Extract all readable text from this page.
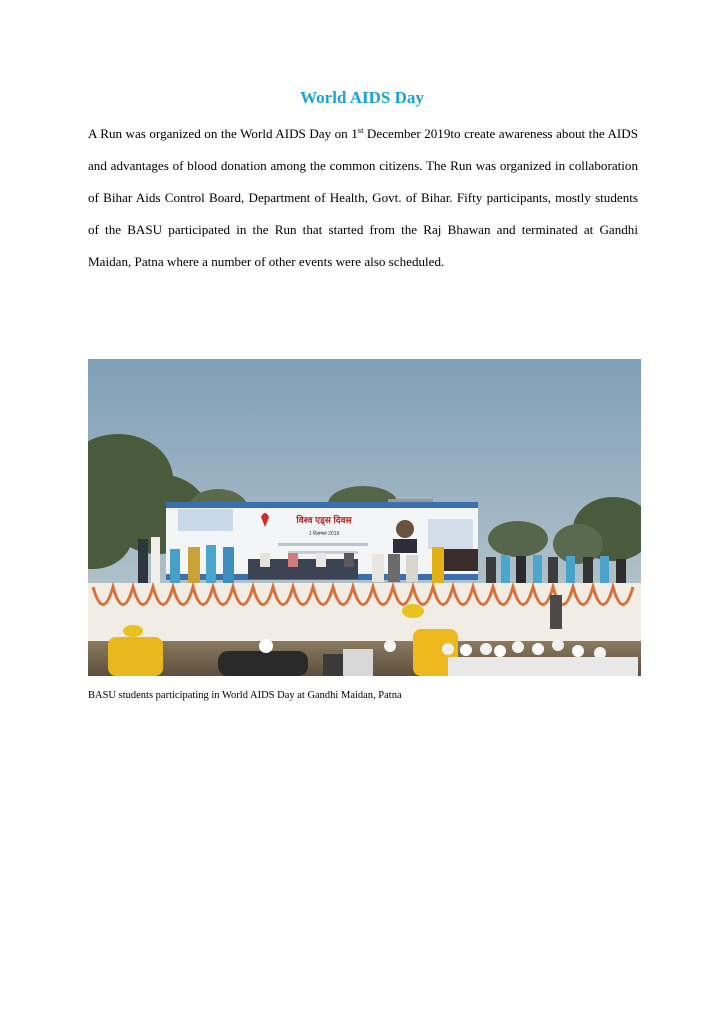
World AIDS Day

A Run was organized on the World AIDS Day on 1st December 2019to create awareness about the AIDS and advantages of blood donation among the common citizens. The Run was organized in collaboration of Bihar Aids Control Board, Department of Health, Govt. of Bihar. Fifty participants, mostly students of the BASU participated in the Run that started from the Raj Bhawan and terminated at Gandhi Maidan, Patna where a number of other events were also scheduled.

विश्व एड्स दिवस
1 दिसम्बर 2019

BASU students participating in World AIDS Day at Gandhi Maidan, Patna
